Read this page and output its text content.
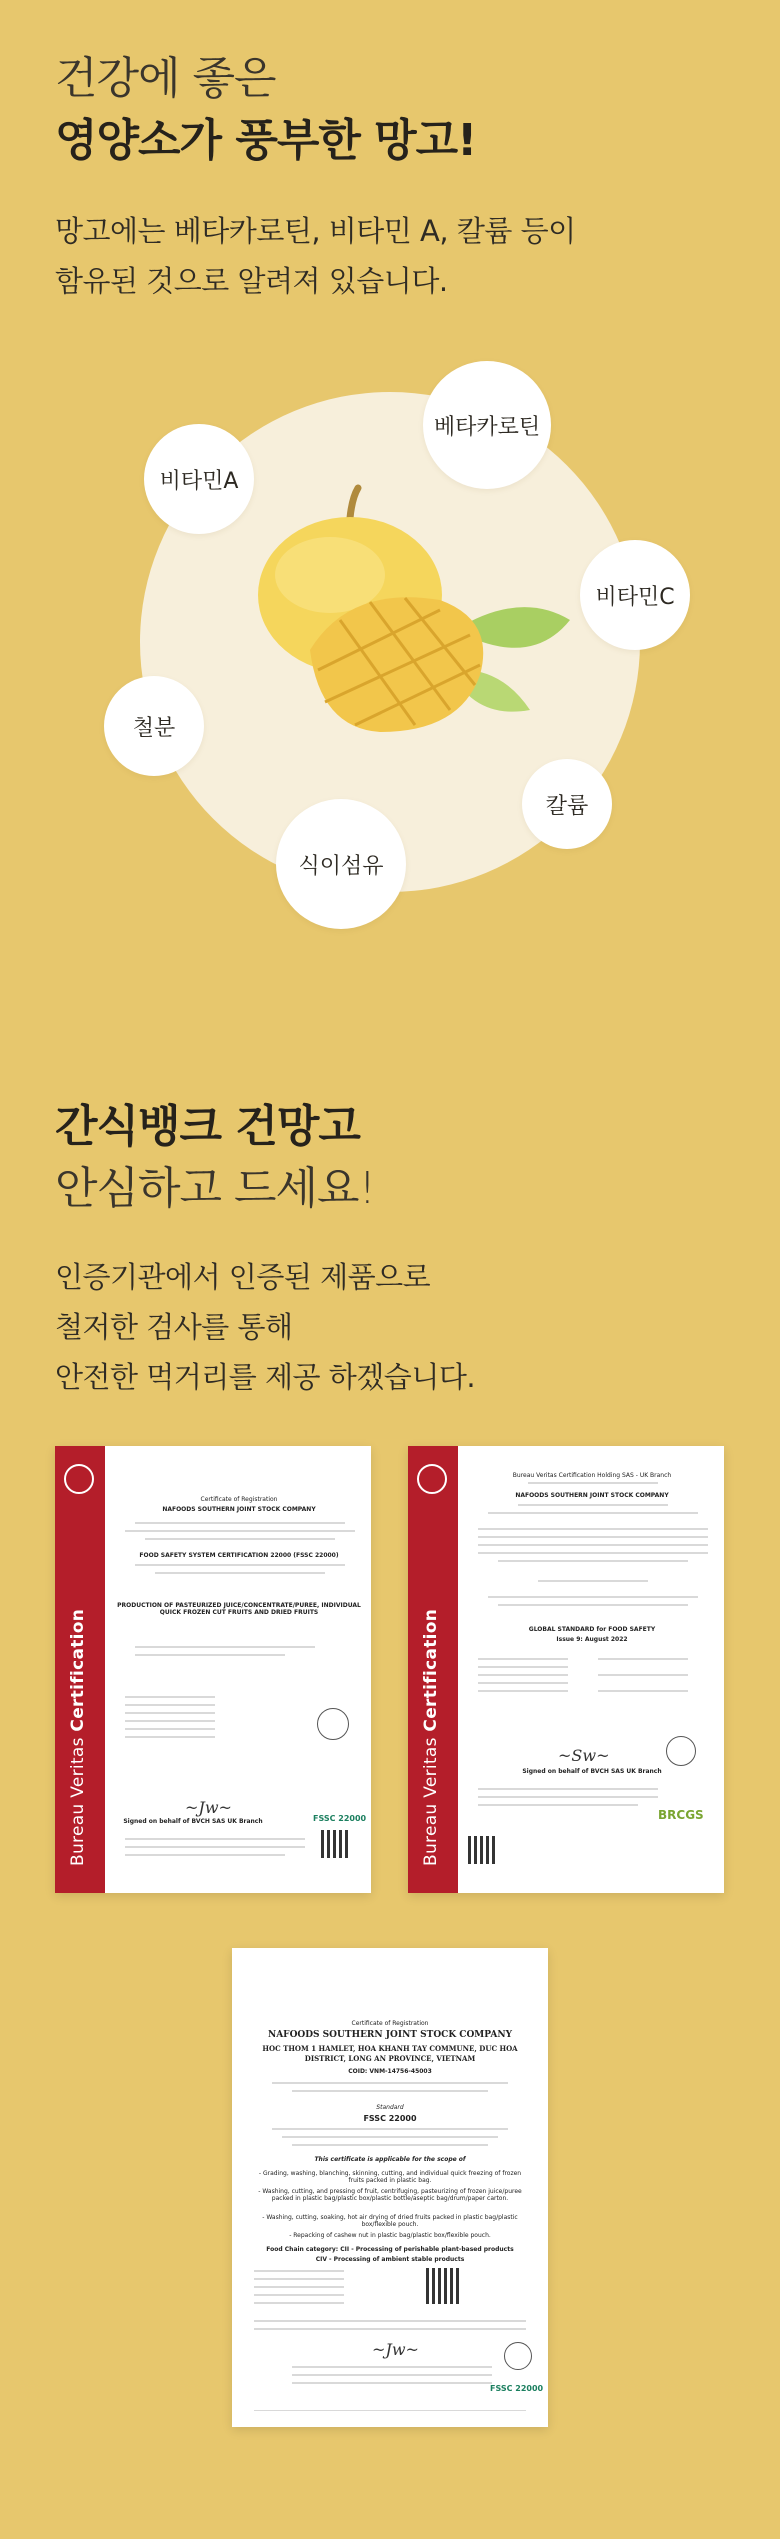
건강에 좋은
영양소가 풍부한 망고!
망고에는 베타카로틴, 비타민 A, 칼륨 등이
함유된 것으로 알려져 있습니다.
베타카로틴
비타민A
비타민C
철분
칼륨
식이섬유
간식뱅크 건망고
안심하고 드세요!
인증기관에서 인증된 제품으로
철저한 검사를 통해
안전한 먹거리를 제공 하겠습니다.
Bureau Veritas Certification
Certificate of Registration
NAFOODS SOUTHERN JOINT STOCK COMPANY
FOOD SAFETY SYSTEM CERTIFICATION 22000 (FSSC 22000)
PRODUCTION OF PASTEURIZED JUICE/CONCENTRATE/PUREE, INDIVIDUAL QUICK FROZEN CUT FRUITS AND DRIED FRUITS
~Jw~
Signed on behalf of BVCH SAS UK Branch	FSSC 22000	Bureau Veritas Certification
Bureau Veritas Certification Holding SAS - UK Branch
NAFOODS SOUTHERN JOINT STOCK COMPANY
GLOBAL STANDARD for FOOD SAFETY
Issue 9: August 2022
~Sw~
Signed on behalf of BVCH SAS UK Branch
BRCGS
Certificate of Registration
NAFOODS SOUTHERN JOINT STOCK COMPANY
HOC THOM 1 HAMLET, HOA KHANH TAY COMMUNE, DUC HOA
DISTRICT, LONG AN PROVINCE, VIETNAM
COID: VNM-14756-45003
Standard
FSSC 22000
This certificate is applicable for the scope of
- Grading, washing, blanching, skinning, cutting, and individual quick freezing of frozen fruits packed in plastic bag.
- Washing, cutting, and pressing of fruit, centrifuging, pasteurizing of frozen juice/puree packed in plastic bag/plastic box/plastic bottle/aseptic bag/drum/paper carton.
- Washing, cutting, soaking, hot air drying of dried fruits packed in plastic bag/plastic box/flexible pouch.
- Repacking of cashew nut in plastic bag/plastic box/flexible pouch.
Food Chain category: CII - Processing of perishable plant-based products
CIV - Processing of ambient stable products
~Jw~
FSSC 22000
